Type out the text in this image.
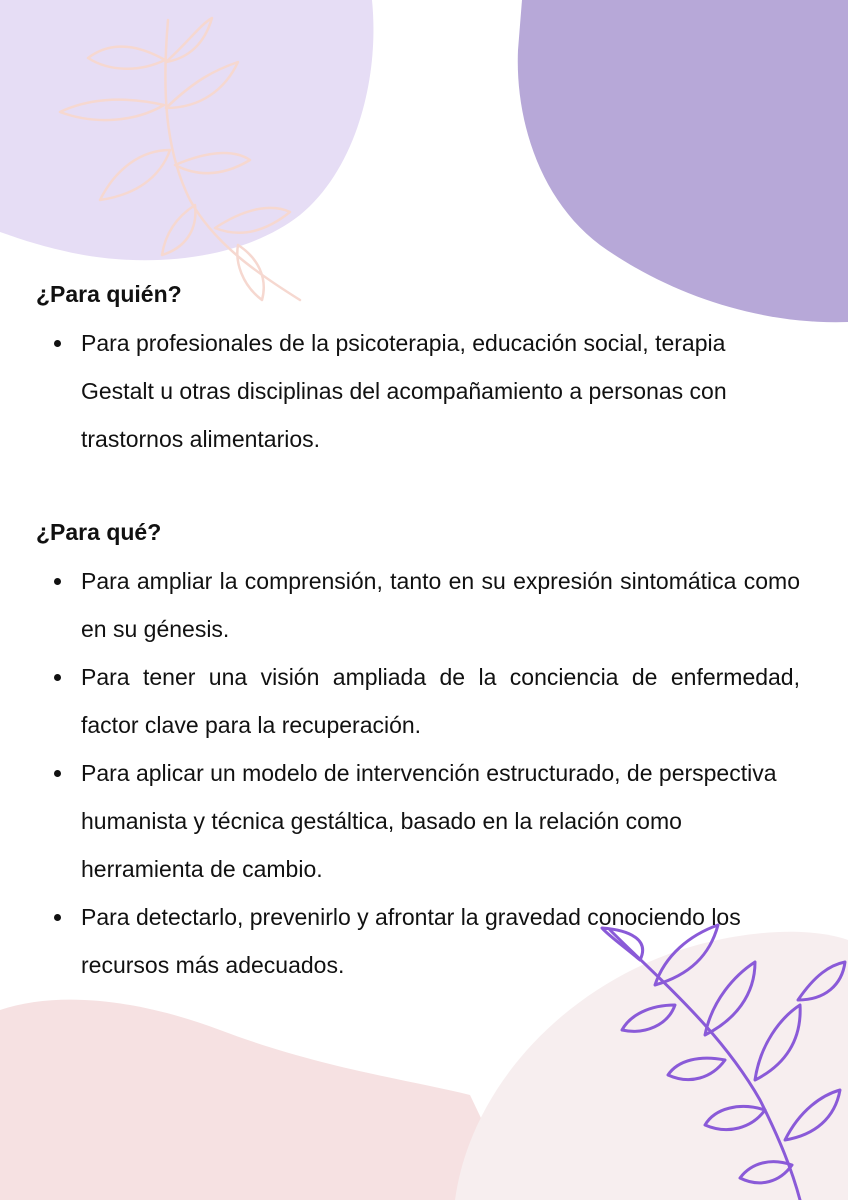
¿Para quién?
Para profesionales de la psicoterapia, educación social, terapia Gestalt u otras disciplinas del acompañamiento a personas con trastornos alimentarios.
¿Para qué?
Para ampliar la comprensión, tanto en su expresión sintomática como en su génesis.
Para tener una visión ampliada de la conciencia de enfermedad, factor clave para la recuperación.
Para aplicar un modelo de intervención estructurado, de perspectiva humanista y técnica gestáltica, basado en la relación como herramienta de cambio.
Para detectarlo, prevenirlo y afrontar la gravedad conociendo los recursos más adecuados.
